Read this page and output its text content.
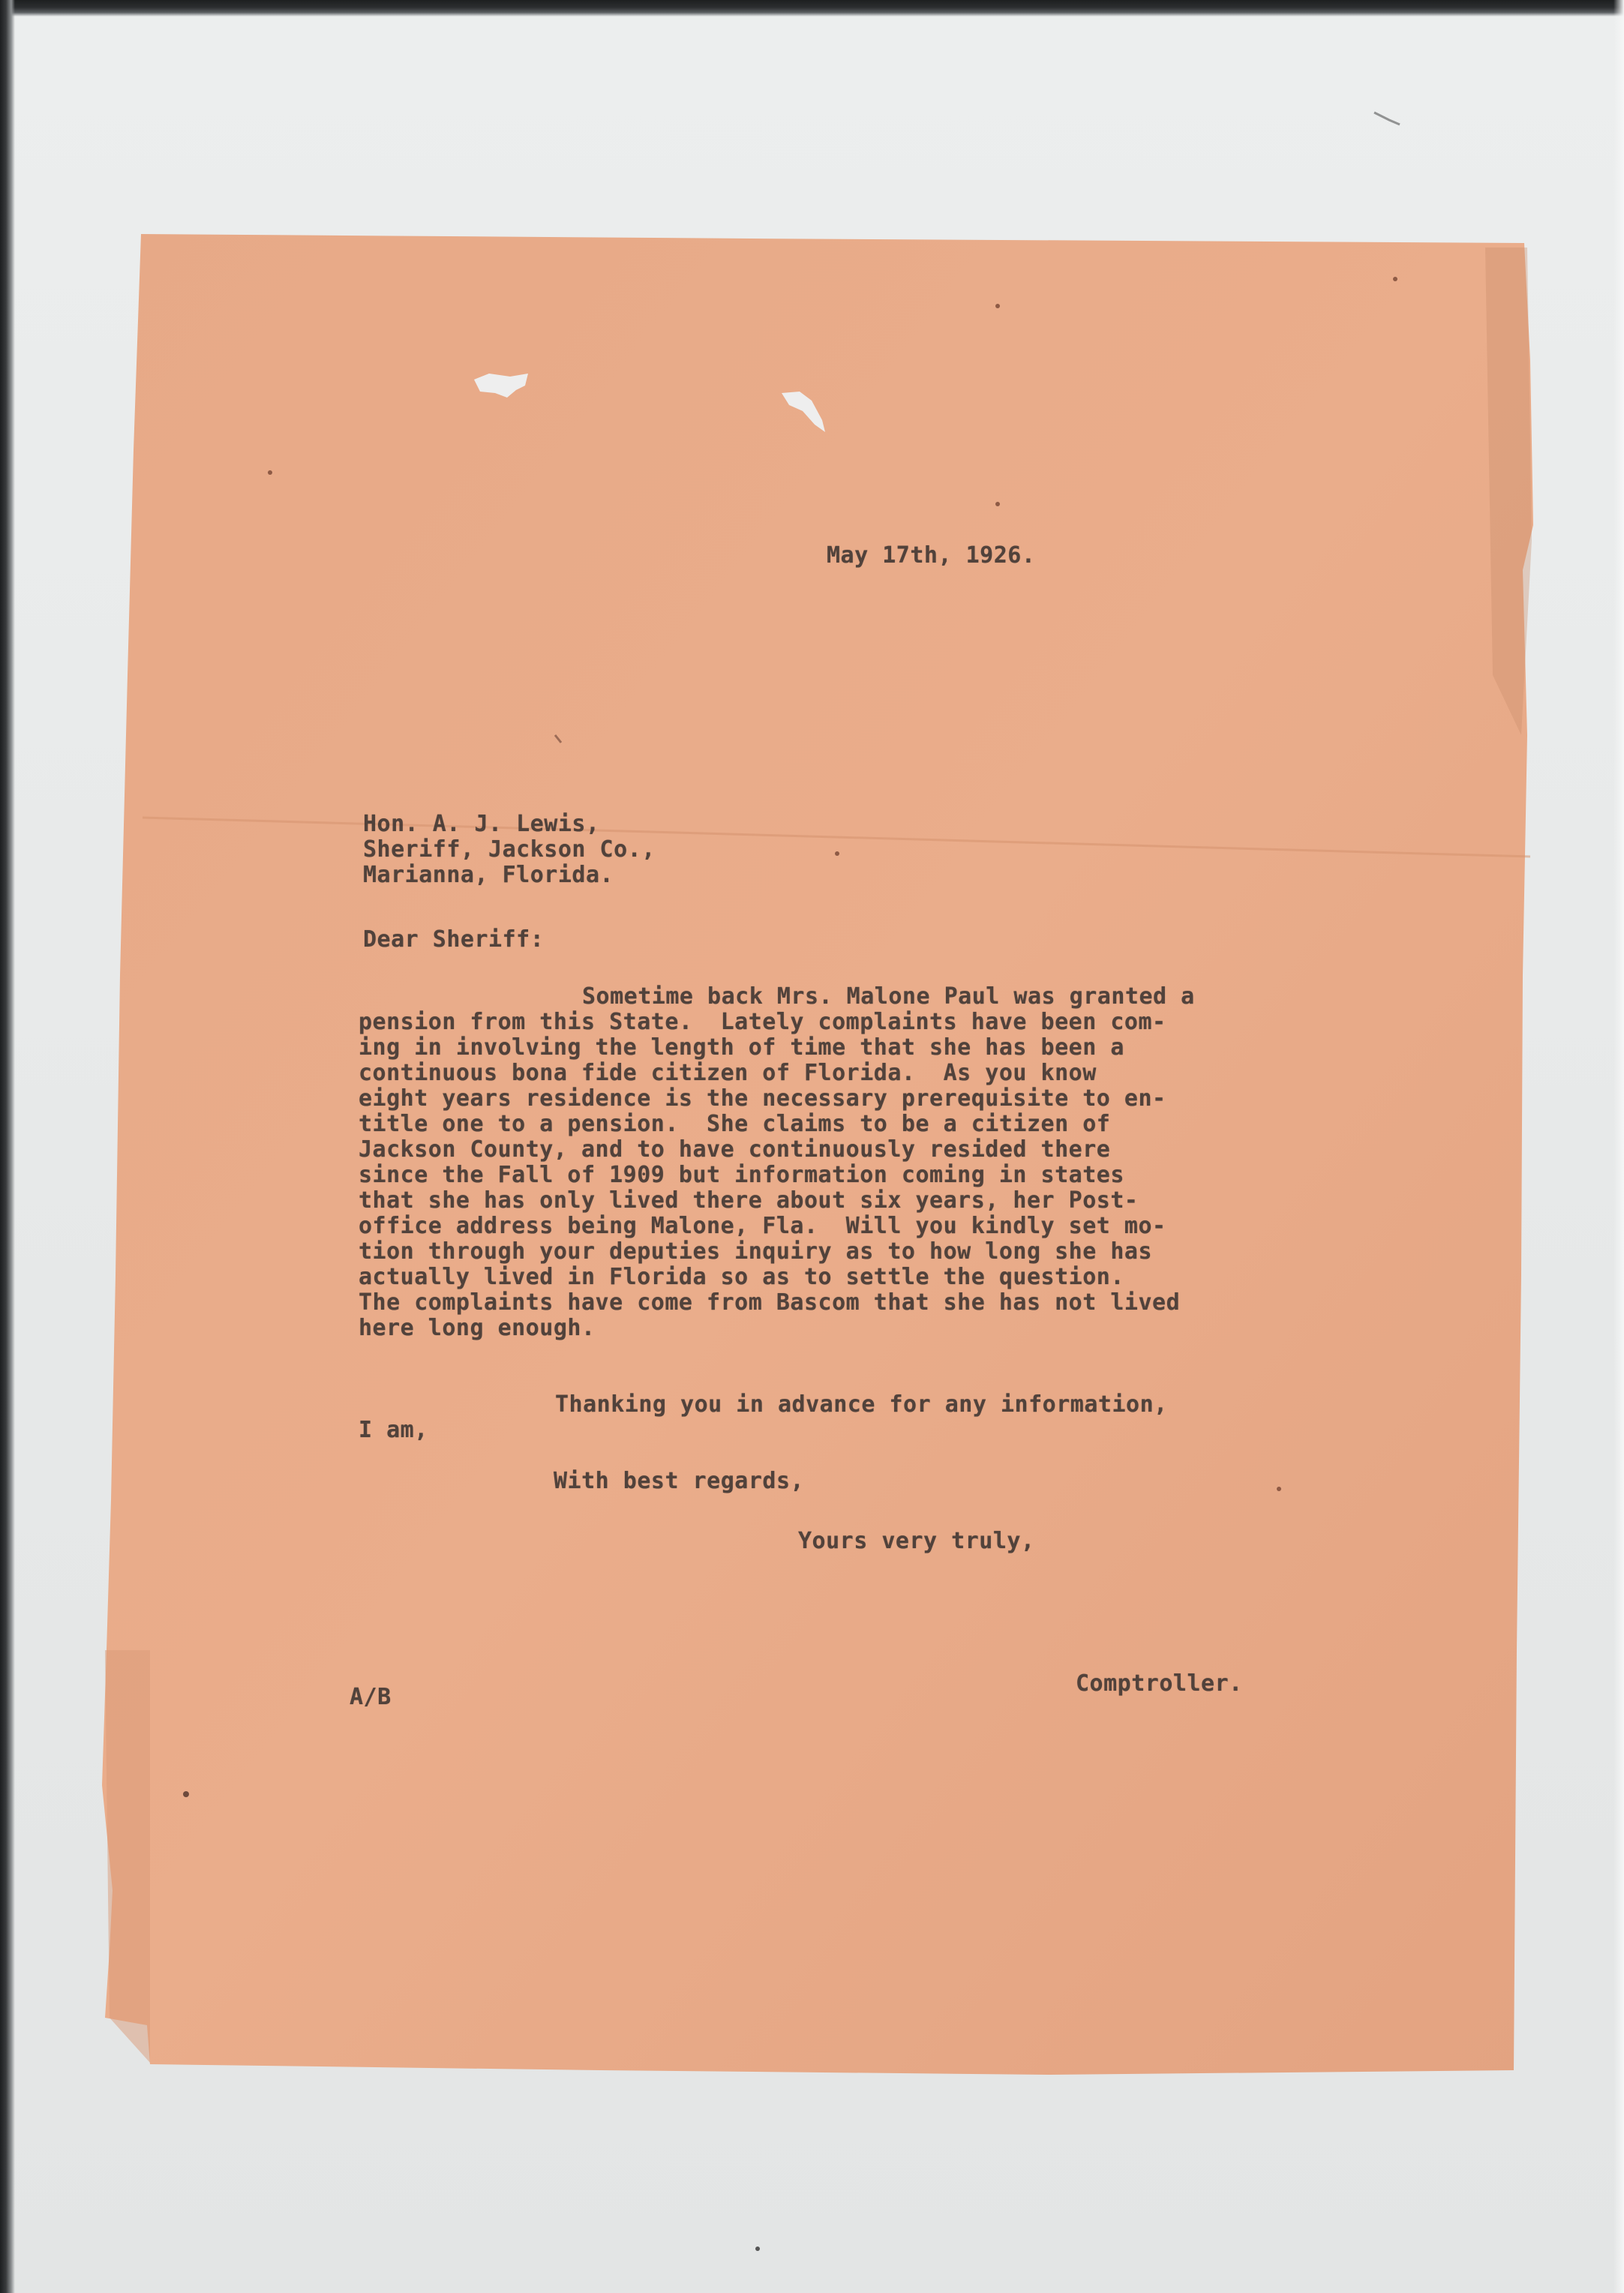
May 17th, 1926.
Hon. A. J. Lewis,
Sheriff, Jackson Co.,
Marianna, Florida.
Dear Sheriff:
Sometime back Mrs. Malone Paul was granted a
pension from this State.  Lately complaints have been com-
ing in involving the length of time that she has been a
continuous bona fide citizen of Florida.  As you know
eight years residence is the necessary prerequisite to en-
title one to a pension.  She claims to be a citizen of
Jackson County, and to have continuously resided there
since the Fall of 1909 but information coming in states
that she has only lived there about six years, her Post-
office address being Malone, Fla.  Will you kindly set mo-
tion through your deputies inquiry as to how long she has
actually lived in Florida so as to settle the question.
The complaints have come from Bascom that she has not lived
here long enough.
Thanking you in advance for any information,
I am,
With best regards,
Yours very truly,
A/B
Comptroller.
